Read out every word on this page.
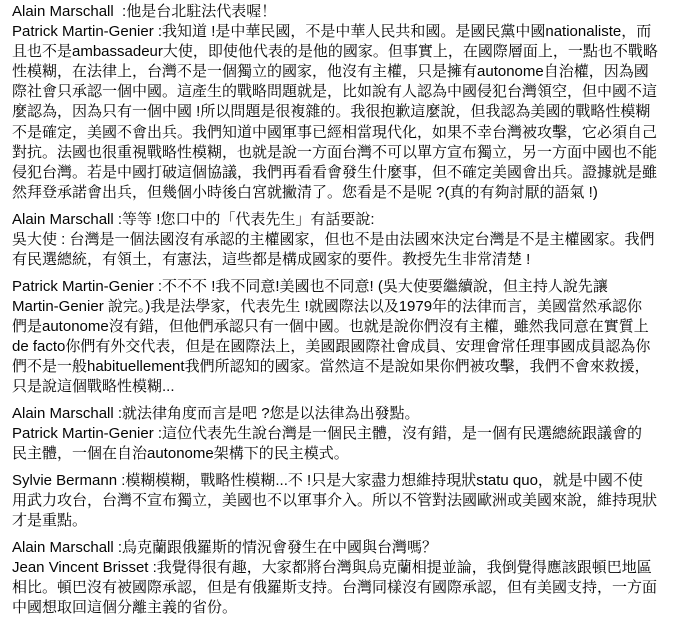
Alain Marschall  :他是台北駐法代表喔！
Patrick Martin-Genier :我知道 !是中華民國，不是中華人民共和國。是國民黨中國nationaliste，而
且也不是ambassadeur大使，即使他代表的是他的國家。但事實上，在國際層面上，一點也不戰略
性模糊，在法律上，台灣不是一個獨立的國家，他沒有主權，只是擁有autonome自治權，因為國
際社會只承認一個中國。這產生的戰略問題就是，比如說有人認為中國侵犯台灣領空，但中國不這
麼認為，因為只有一個中國 !所以問題是很複雜的。我很抱歉這麼說，但我認為美國的戰略性模糊
不是確定，美國不會出兵。我們知道中國軍事已經相當現代化，如果不幸台灣被攻擊，它必須自己
對抗。法國也很重視戰略性模糊，也就是說一方面台灣不可以單方宣布獨立，另一方面中國也不能
侵犯台灣。若是中國打破這個協議，我們再看看會發生什麼事，但不確定美國會出兵。證據就是雖
然拜登承諾會出兵，但幾個小時後白宮就撇清了。您看是不是呢 ?(真的有夠討厭的語氣 !)
Alain Marschall :等等 !您口中的「代表先生」有話要說:
吳大使 : 台灣是一個法國沒有承認的主權國家，但也不是由法國來決定台灣是不是主權國家。我們
有民選總統，有領土，有憲法，這些都是構成國家的要件。教授先生非常清楚 !
Patrick Martin-Genier :不不不 !我不同意!美國也不同意! (吳大使要繼續說，但主持人說先讓
Martin-Genier 說完。)我是法學家，代表先生 !就國際法以及1979年的法律而言，美國當然承認你
們是autonome沒有錯，但他們承認只有一個中國。也就是說你們沒有主權，雖然我同意在實質上
de facto你們有外交代表，但是在國際法上，美國跟國際社會成員、安理會常任理事國成員認為你
們不是一般habituellement我們所認知的國家。當然這不是說如果你們被攻擊，我們不會來救援，
只是說這個戰略性模糊...
Alain Marschall :就法律角度而言是吧 ?您是以法律為出發點。
Patrick Martin-Genier :這位代表先生說台灣是一個民主體，沒有錯，是一個有民選總統跟議會的
民主體，一個在自治autonome架構下的民主模式。
Sylvie Bermann :模糊模糊，戰略性模糊...不 !只是大家盡力想維持現狀statu quo，就是中國不使
用武力攻台，台灣不宣布獨立，美國也不以軍事介入。所以不管對法國歐洲或美國來說，維持現狀
才是重點。
Alain Marschall :烏克蘭跟俄羅斯的情況會發生在中國與台灣嗎？
Jean Vincent Brisset :我覺得很有趣，大家都將台灣與烏克蘭相提並論，我倒覺得應該跟頓巴地區
相比。頓巴沒有被國際承認，但是有俄羅斯支持。台灣同樣沒有國際承認，但有美國支持，一方面
中國想取回這個分離主義的省份。
